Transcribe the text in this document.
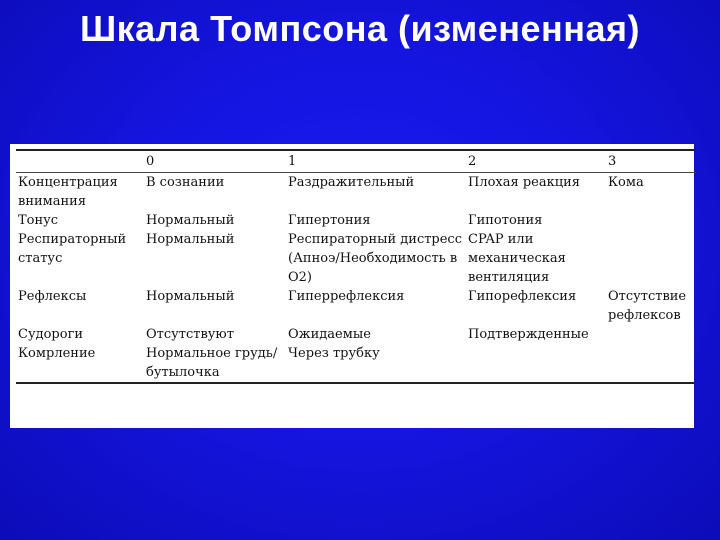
Шкала Томпсона (измененная)
	0	1	2	3
Концентрация внимания	В сознании	Раздражительный	Плохая реакция	Кома
Тонус	Нормальный	Гипертония	Гипотония	
Респираторный статус	Нормальный	Респираторный дистресс (Апноэ/Необходимость в О2)	CPAP или механическая вентиляция	
Рефлексы	Нормальный	Гиперрефлексия	Гипорефлексия	Отсутствие рефлексов
Судороги	Отсутствуют	Ожидаемые	Подтвержденные	
Комрление	Нормальное грудь/бутылочка	Через трубку		
